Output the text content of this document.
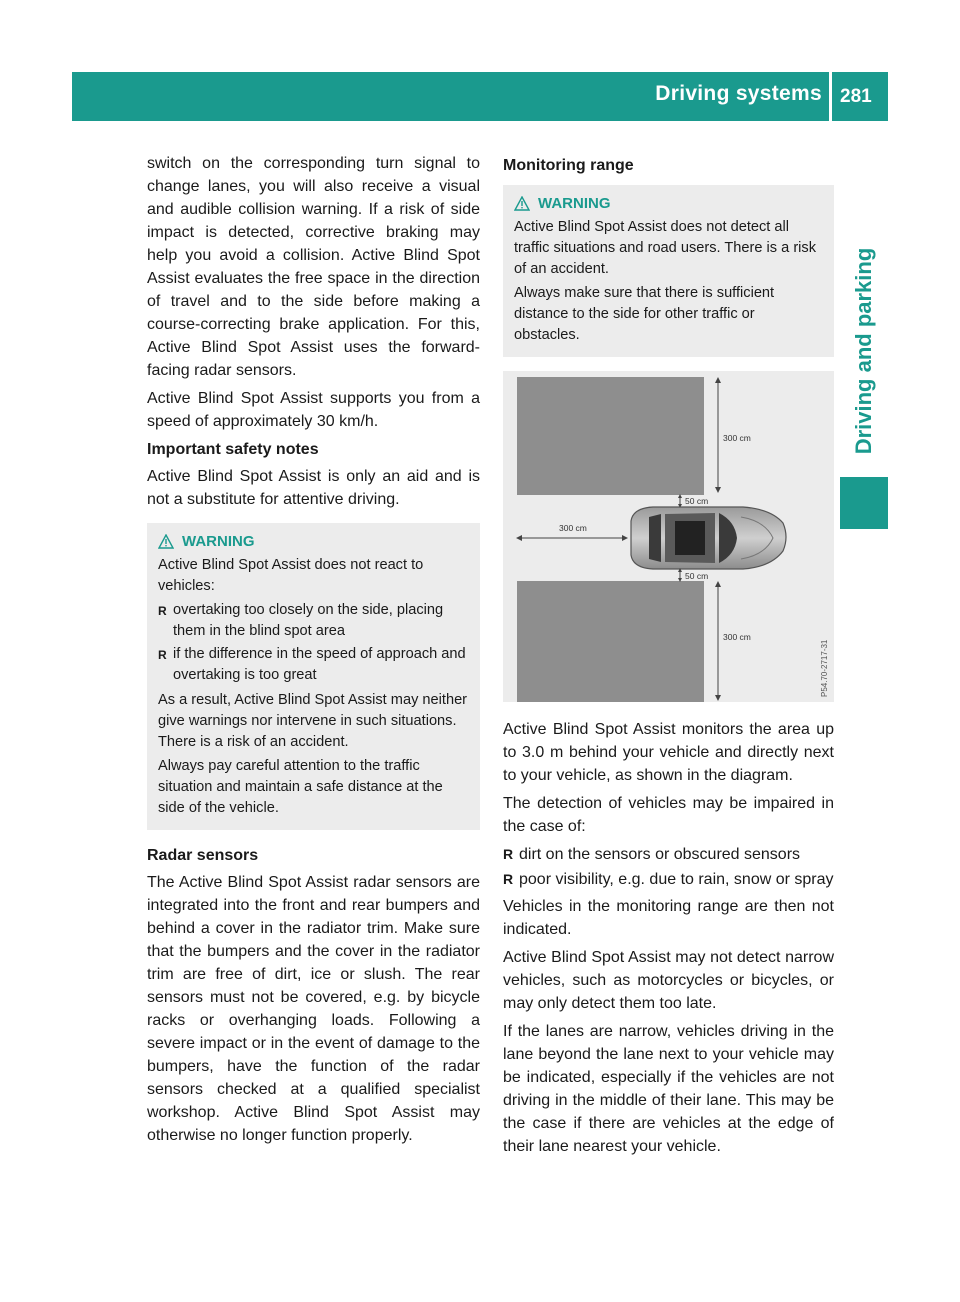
Driving systems 281
Driving and parking

switch on the corresponding turn signal to change lanes, you will also receive a visual and audible collision warning. If a risk of side impact is detected, corrective braking may help you avoid a collision. Active Blind Spot Assist evaluates the free space in the direction of travel and to the side before making a course-correcting brake application. For this, Active Blind Spot Assist uses the forward-facing radar sensors.

Active Blind Spot Assist supports you from a speed of approximately 30 km/h.

Important safety notes

Active Blind Spot Assist is only an aid and is not a substitute for attentive driving.

WARNING

Active Blind Spot Assist does not react to vehicles:

R overtaking too closely on the side, placing them in the blind spot area
R if the difference in the speed of approach and overtaking is too great

As a result, Active Blind Spot Assist may neither give warnings nor intervene in such situations. There is a risk of an accident.

Always pay careful attention to the traffic situation and maintain a safe distance at the side of the vehicle.

Radar sensors

The Active Blind Spot Assist radar sensors are integrated into the front and rear bumpers and behind a cover in the radiator trim. Make sure that the bumpers and the cover in the radiator trim are free of dirt, ice or slush. The rear sensors must not be covered, e.g. by bicycle racks or overhanging loads. Following a severe impact or in the event of damage to the bumpers, have the function of the radar sensors checked at a qualified specialist workshop. Active Blind Spot Assist may otherwise no longer function properly.

Monitoring range
WARNING

Active Blind Spot Assist does not detect all traffic situations and road users. There is a risk of an accident.

Always make sure that there is sufficient distance to the side for other traffic or obstacles.

300 cm
50 cm
300 cm
50 cm
300 cm
P54.70-2717-31

Active Blind Spot Assist monitors the area up to 3.0 m behind your vehicle and directly next to your vehicle, as shown in the diagram.

The detection of vehicles may be impaired in the case of:

R dirt on the sensors or obscured sensors
R poor visibility, e.g. due to rain, snow or spray

Vehicles in the monitoring range are then not indicated.

Active Blind Spot Assist may not detect narrow vehicles, such as motorcycles or bicycles, or may only detect them too late.

If the lanes are narrow, vehicles driving in the lane beyond the lane next to your vehicle may be indicated, especially if the vehicles are not driving in the middle of their lane. This may be the case if there are vehicles at the edge of their lane nearest your vehicle.
